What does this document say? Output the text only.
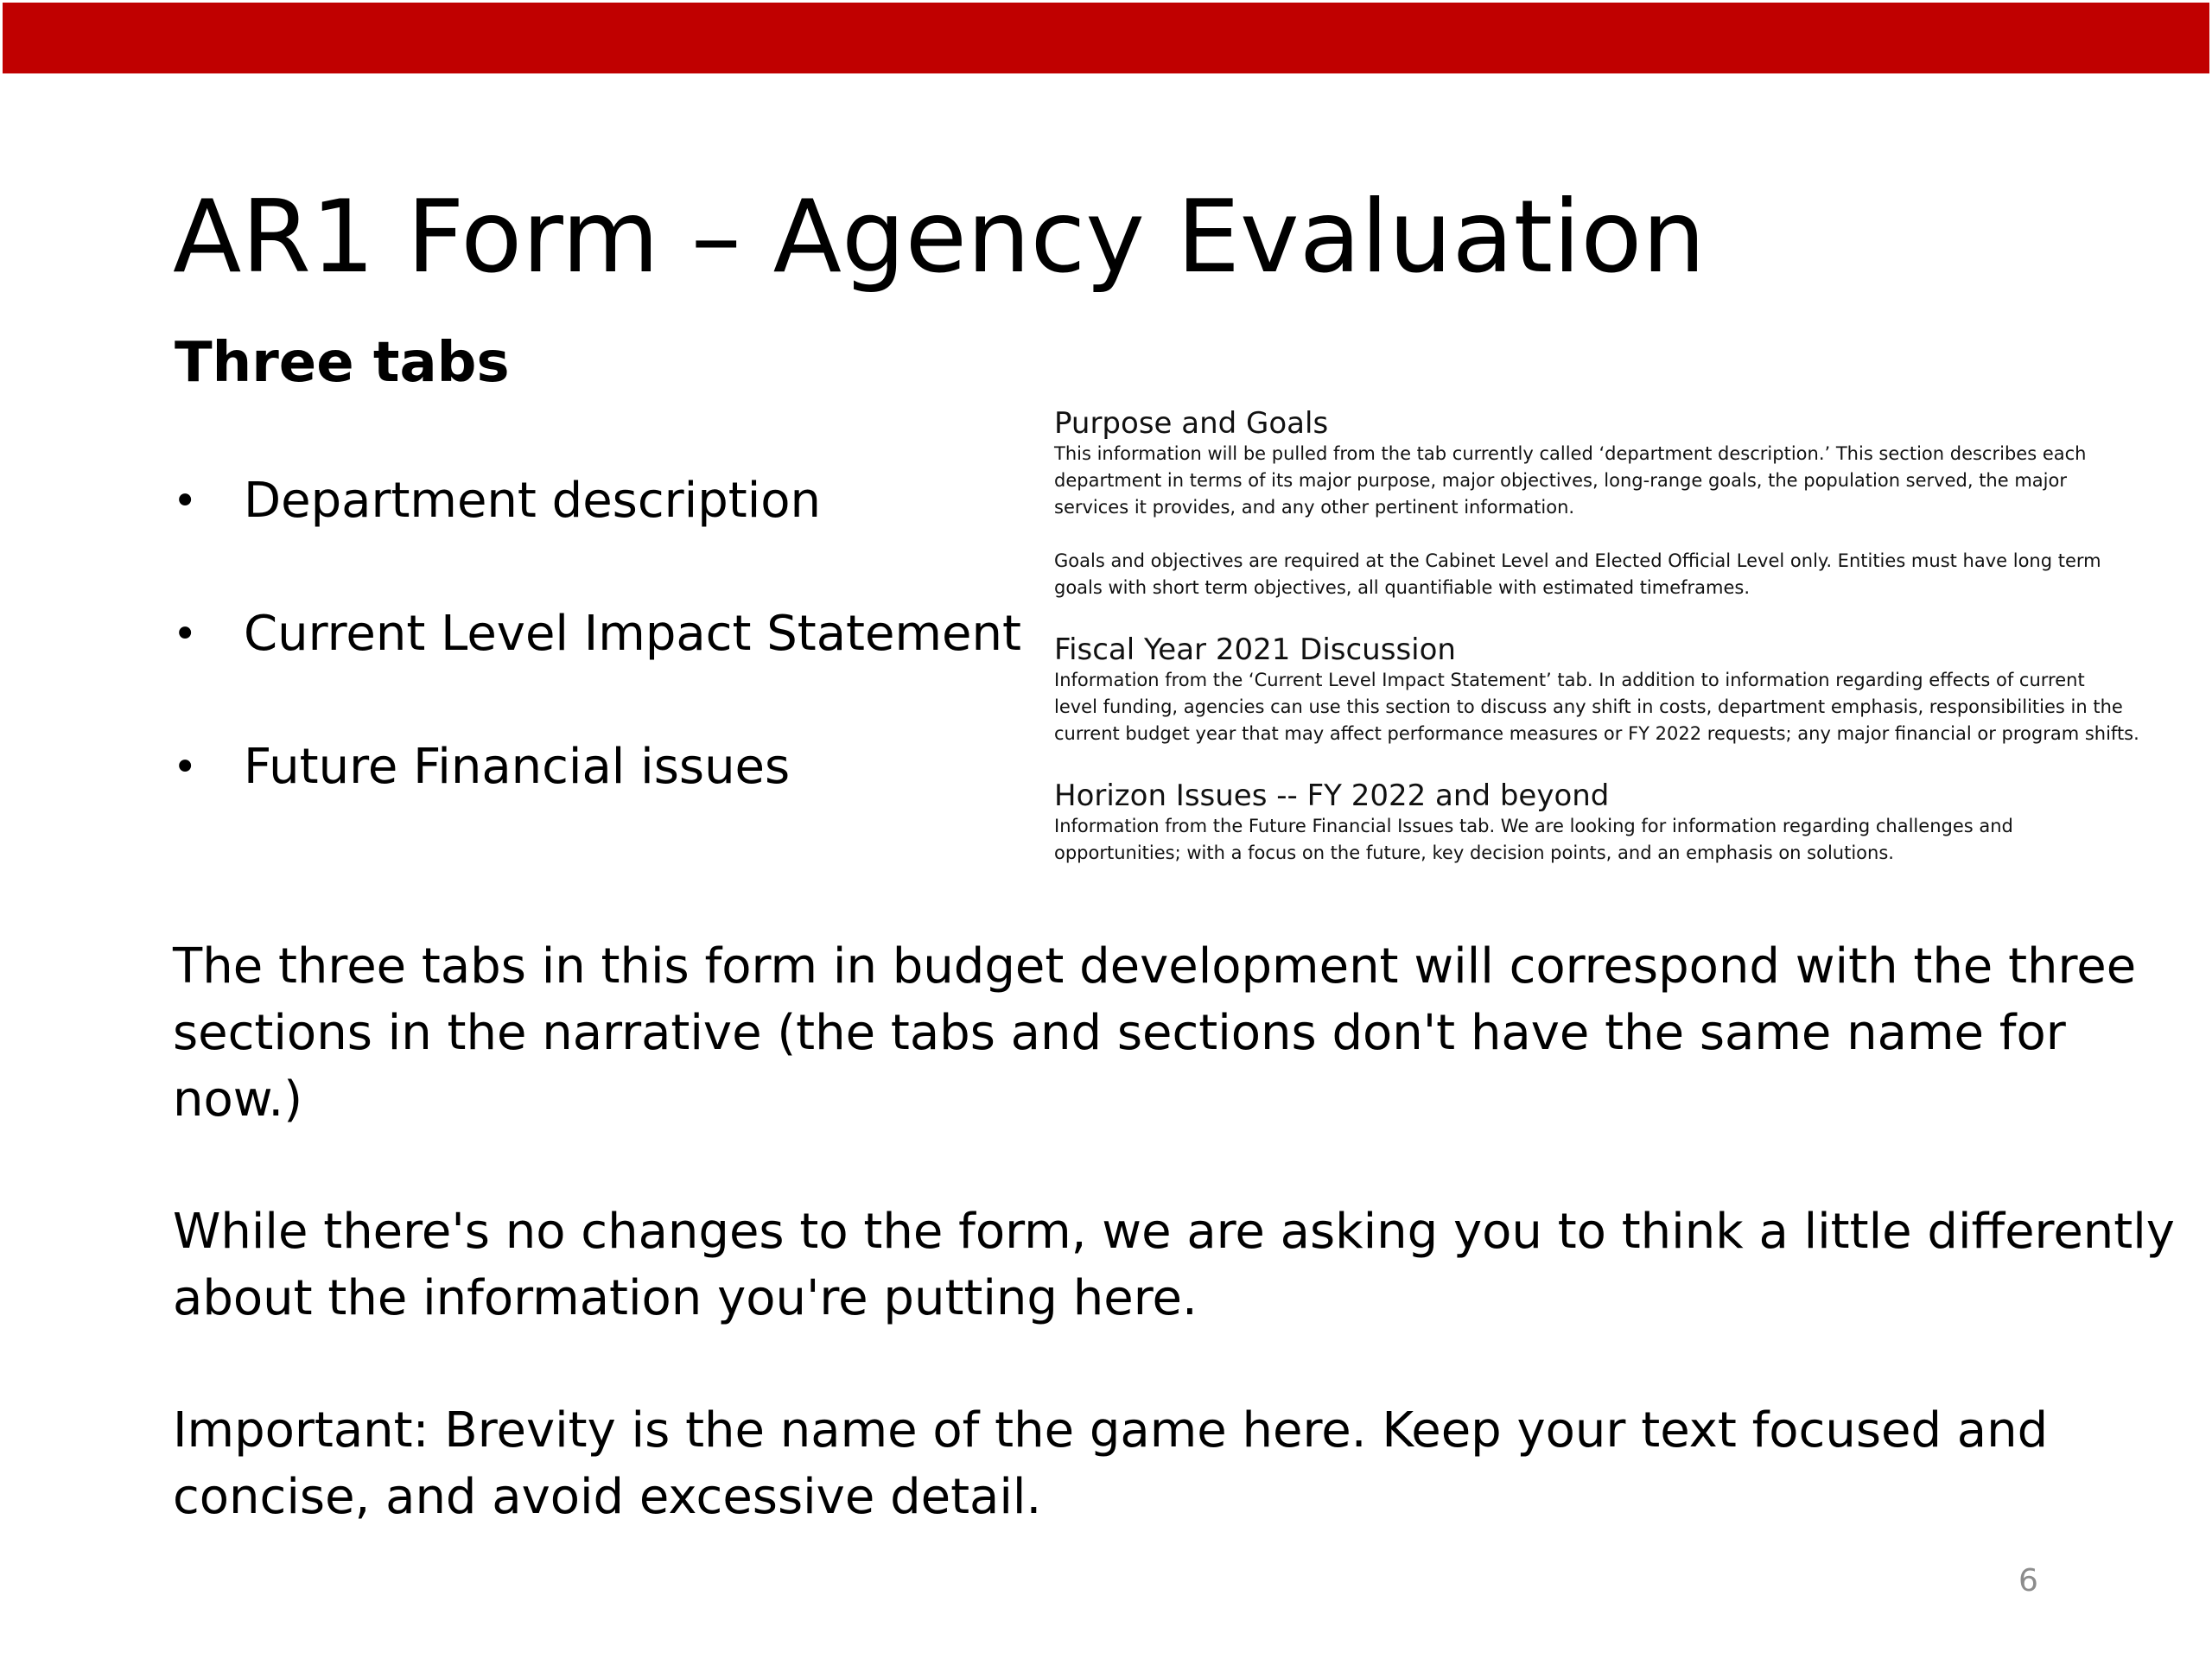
AR1 Form – Agency Evaluation
Three tabs
• Department description
• Current Level Impact Statement
• Future Financial issues
Purpose and Goals
This information will be pulled from the tab currently called ‘department description.’ This section describes each
department in terms of its major purpose, major objectives, long-range goals, the population served, the major
services it provides, and any other pertinent information.
Goals and objectives are required at the Cabinet Level and Elected Official Level only. Entities must have long term
goals with short term objectives, all quantifiable with estimated timeframes.
Fiscal Year 2021 Discussion
Information from the ‘Current Level Impact Statement’ tab. In addition to information regarding effects of current
level funding, agencies can use this section to discuss any shift in costs, department emphasis, responsibilities in the
current budget year that may affect performance measures or FY 2022 requests; any major financial or program shifts.
Horizon Issues -- FY 2022 and beyond
Information from the Future Financial Issues tab. We are looking for information regarding challenges and
opportunities; with a focus on the future, key decision points, and an emphasis on solutions.

The three tabs in this form in budget development will correspond with the three
sections in the narrative (the tabs and sections don't have the same name for
now.)

While there's no changes to the form, we are asking you to think a little differently
about the information you're putting here.

Important: Brevity is the name of the game here. Keep your text focused and
concise, and avoid excessive detail.

6
